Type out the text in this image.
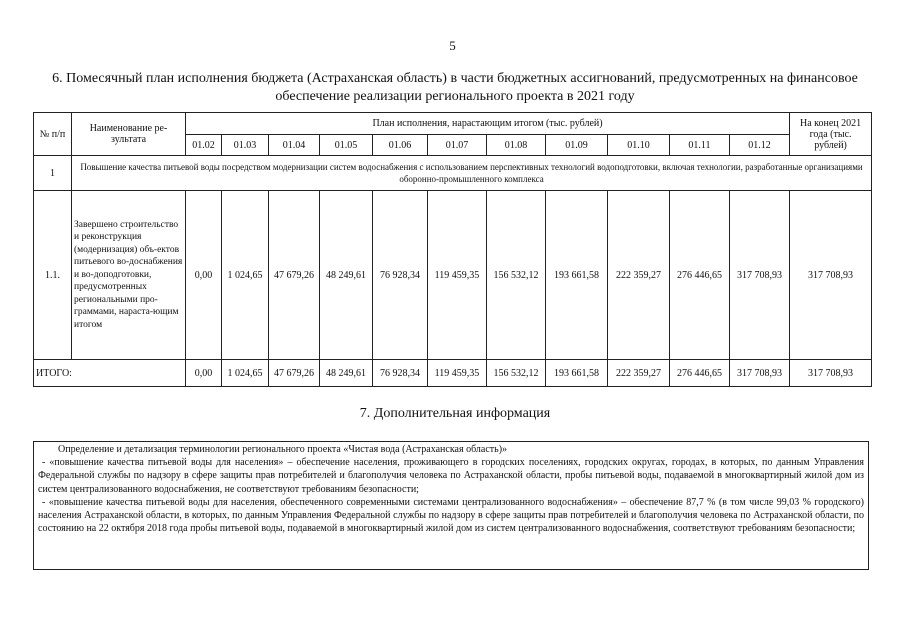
5
6. Помесячный план исполнения бюджета (Астраханская область) в части бюджетных ассигнований, предусмотренных на финансовое обеспечение реализации регионального проекта в 2021 году
№ п/п	Наименование ре-зультата	План исполнения, нарастающим итогом (тыс. рублей)											На конец 2021 года (тыс. рублей)
		01.02	01.03	01.04	01.05	01.06	01.07	01.08	01.09	01.10	01.11	01.12	
1	Повышение качества питьевой воды посредством модернизации систем водоснабжения с использованием перспективных технологий водоподготовки, включая технологии, разработанные организациями оборонно-промышленного комплекса												
1.1.	Завершено строительство и реконструкция (модернизация) объ-ектов питьевого во-доснабжения и во-доподготовки, предусмотренных региональными про-граммами, нараста-ющим итогом	0,00	1 024,65	47 679,26	48 249,61	76 928,34	119 459,35	156 532,12	193 661,58	222 359,27	276 446,65	317 708,93	317 708,93
ИТОГО:		0,00	1 024,65	47 679,26	48 249,61	76 928,34	119 459,35	156 532,12	193 661,58	222 359,27	276 446,65	317 708,93	317 708,93
7. Дополнительная информация

Определение и детализация терминологии регионального проекта «Чистая вода (Астраханская область)»

- «повышение качества питьевой воды для населения» – обеспечение населения, проживающего в городских поселениях, городских округах, городах, в которых, по данным Управления Федеральной службы по надзору в сфере защиты прав потребителей и благополучия человека по Астраханской области, пробы питьевой воды, подаваемой в многоквартирный жилой дом из систем централизованного водоснабжения, не соответствуют требованиям безопасности;

- «повышение качества питьевой воды для населения, обеспеченного современными системами централизованного водоснабжения» – обеспечение 87,7 % (в том числе 99,03 % городского) населения Астраханской области, в которых, по данным Управления Федеральной службы по надзору в сфере защиты прав потребителей и благополучия человека по Астраханской области, по состоянию на 22 октября 2018 года пробы питьевой воды, подаваемой в многоквартирный жилой дом из систем централизованного водоснабжения, соответствуют требованиям безопасности;
